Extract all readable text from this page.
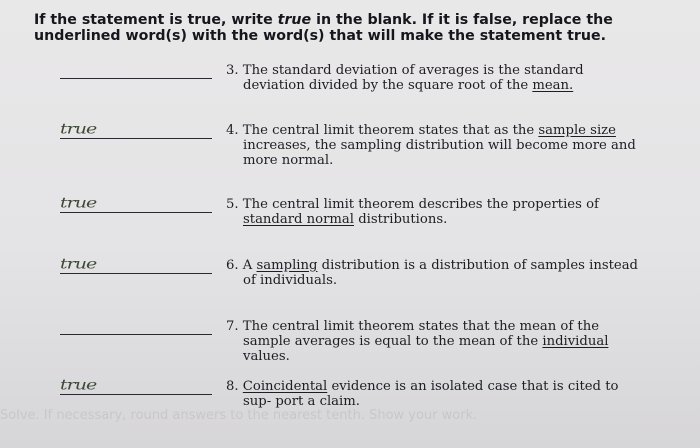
If the statement is true, write true in the blank. If it is false, replace the underlined word(s) with the word(s) that will make the statement true.
3. The standard deviation of averages is the standard deviation divided by the square root of the mean.
true	4. The central limit theorem states that as the sample size increases, the sampling distribution will become more and more normal.
true	5. The central limit theorem describes the properties of standard normal distributions.
true	6. A sampling distribution is a distribution of samples instead of individuals.
7. The central limit theorem states that the mean of the sample averages is equal to the mean of the individual values.
true	8. Coincidental evidence is an isolated case that is cited to sup- port a claim.
Solve. If necessary, round answers to the nearest tenth. Show your work.
